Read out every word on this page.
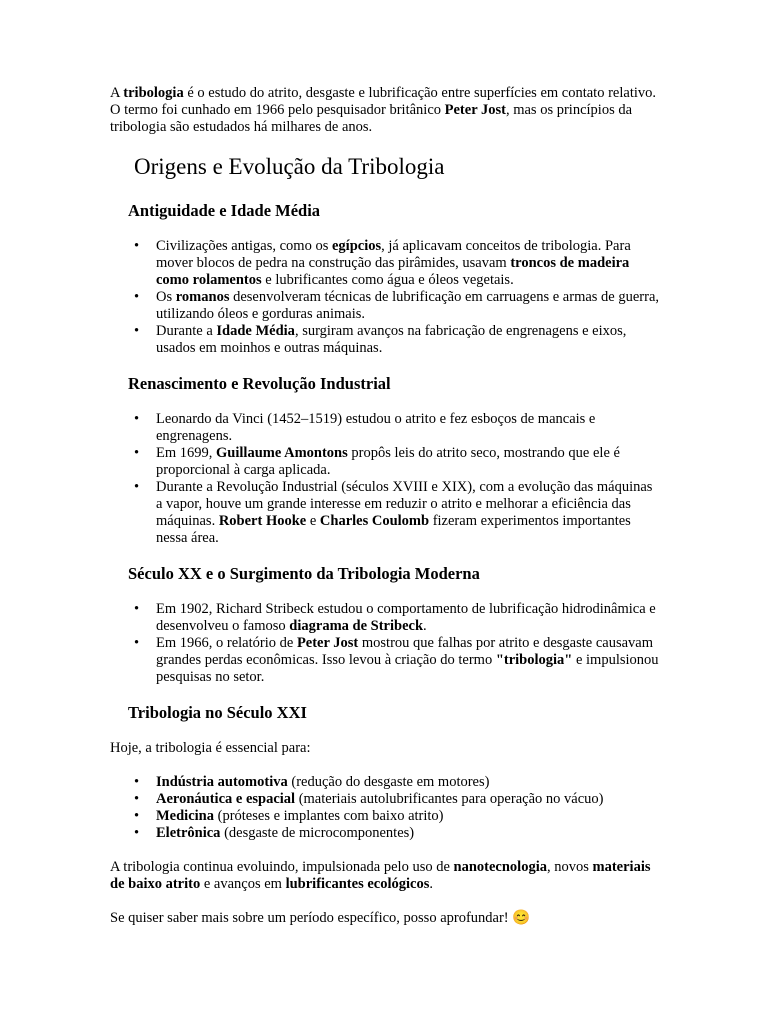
A tribologia é o estudo do atrito, desgaste e lubrificação entre superfícies em contato relativo. O termo foi cunhado em 1966 pelo pesquisador britânico Peter Jost, mas os princípios da tribologia são estudados há milhares de anos.

Origens e Evolução da Tribologia
Antiguidade e Idade Média
• Civilizações antigas, como os egípcios, já aplicavam conceitos de tribologia. Para mover blocos de pedra na construção das pirâmides, usavam troncos de madeira como rolamentos e lubrificantes como água e óleos vegetais.
• Os romanos desenvolveram técnicas de lubrificação em carruagens e armas de guerra, utilizando óleos e gorduras animais.
• Durante a Idade Média, surgiram avanços na fabricação de engrenagens e eixos, usados em moinhos e outras máquinas.
Renascimento e Revolução Industrial
• Leonardo da Vinci (1452–1519) estudou o atrito e fez esboços de mancais e engrenagens.
• Em 1699, Guillaume Amontons propôs leis do atrito seco, mostrando que ele é proporcional à carga aplicada.
• Durante a Revolução Industrial (séculos XVIII e XIX), com a evolução das máquinas a vapor, houve um grande interesse em reduzir o atrito e melhorar a eficiência das máquinas. Robert Hooke e Charles Coulomb fizeram experimentos importantes nessa área.
Século XX e o Surgimento da Tribologia Moderna
• Em 1902, Richard Stribeck estudou o comportamento de lubrificação hidrodinâmica e desenvolveu o famoso diagrama de Stribeck.
• Em 1966, o relatório de Peter Jost mostrou que falhas por atrito e desgaste causavam grandes perdas econômicas. Isso levou à criação do termo "tribologia" e impulsionou pesquisas no setor.
Tribologia no Século XXI

Hoje, a tribologia é essencial para:

• Indústria automotiva (redução do desgaste em motores)
• Aeronáutica e espacial (materiais autolubrificantes para operação no vácuo)
• Medicina (próteses e implantes com baixo atrito)
• Eletrônica (desgaste de microcomponentes)

A tribologia continua evoluindo, impulsionada pelo uso de nanotecnologia, novos materiais de baixo atrito e avanços em lubrificantes ecológicos.

Se quiser saber mais sobre um período específico, posso aprofundar! 😊
